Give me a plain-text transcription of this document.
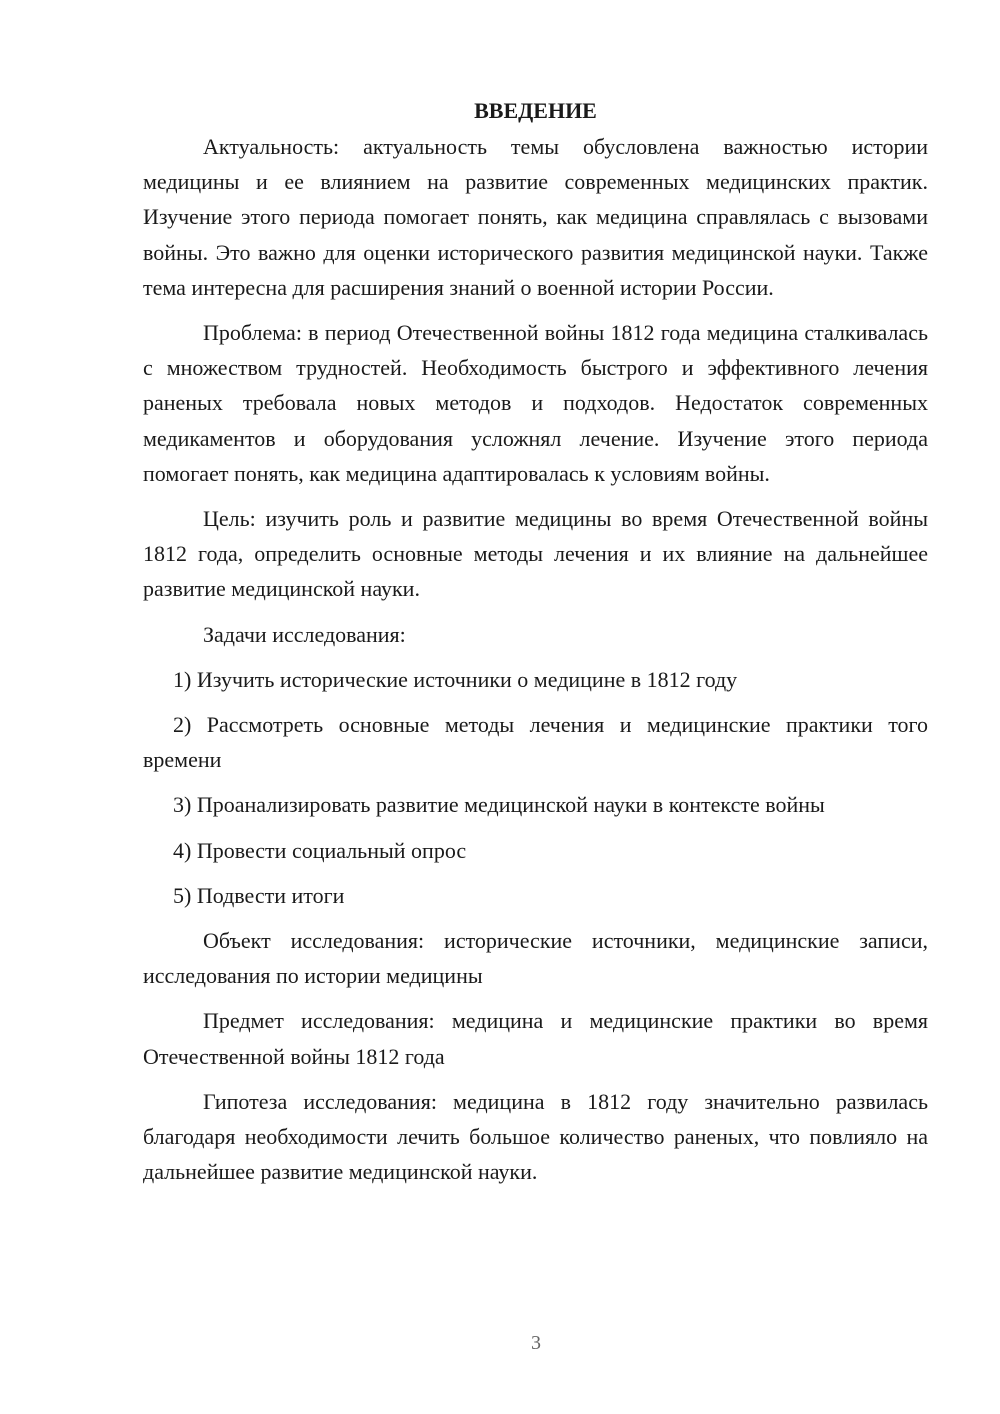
ВВЕДЕНИЕ

Актуальность: актуальность темы обусловлена важностью истории медицины и ее влиянием на развитие современных медицинских практик. Изучение этого периода помогает понять, как медицина справлялась с вызовами войны. Это важно для оценки исторического развития медицинской науки. Также тема интересна для расширения знаний о военной истории России.

Проблема: в период Отечественной войны 1812 года медицина сталкивалась с множеством трудностей. Необходимость быстрого и эффективного лечения раненых требовала новых методов и подходов. Недостаток современных медикаментов и оборудования усложнял лечение. Изучение этого периода помогает понять, как медицина адаптировалась к условиям войны.

Цель: изучить роль и развитие медицины во время Отечественной войны 1812 года, определить основные методы лечения и их влияние на дальнейшее развитие медицинской науки.

Задачи исследования:

1) Изучить исторические источники о медицине в 1812 году

2) Рассмотреть основные методы лечения и медицинские практики того времени

3) Проанализировать развитие медицинской науки в контексте войны

4) Провести социальный опрос

5) Подвести итоги

Объект исследования: исторические источники, медицинские записи, исследования по истории медицины

Предмет исследования: медицина и медицинские практики во время Отечественной войны 1812 года

Гипотеза исследования: медицина в 1812 году значительно развилась благодаря необходимости лечить большое количество раненых, что повлияло на дальнейшее развитие медицинской науки.

3
